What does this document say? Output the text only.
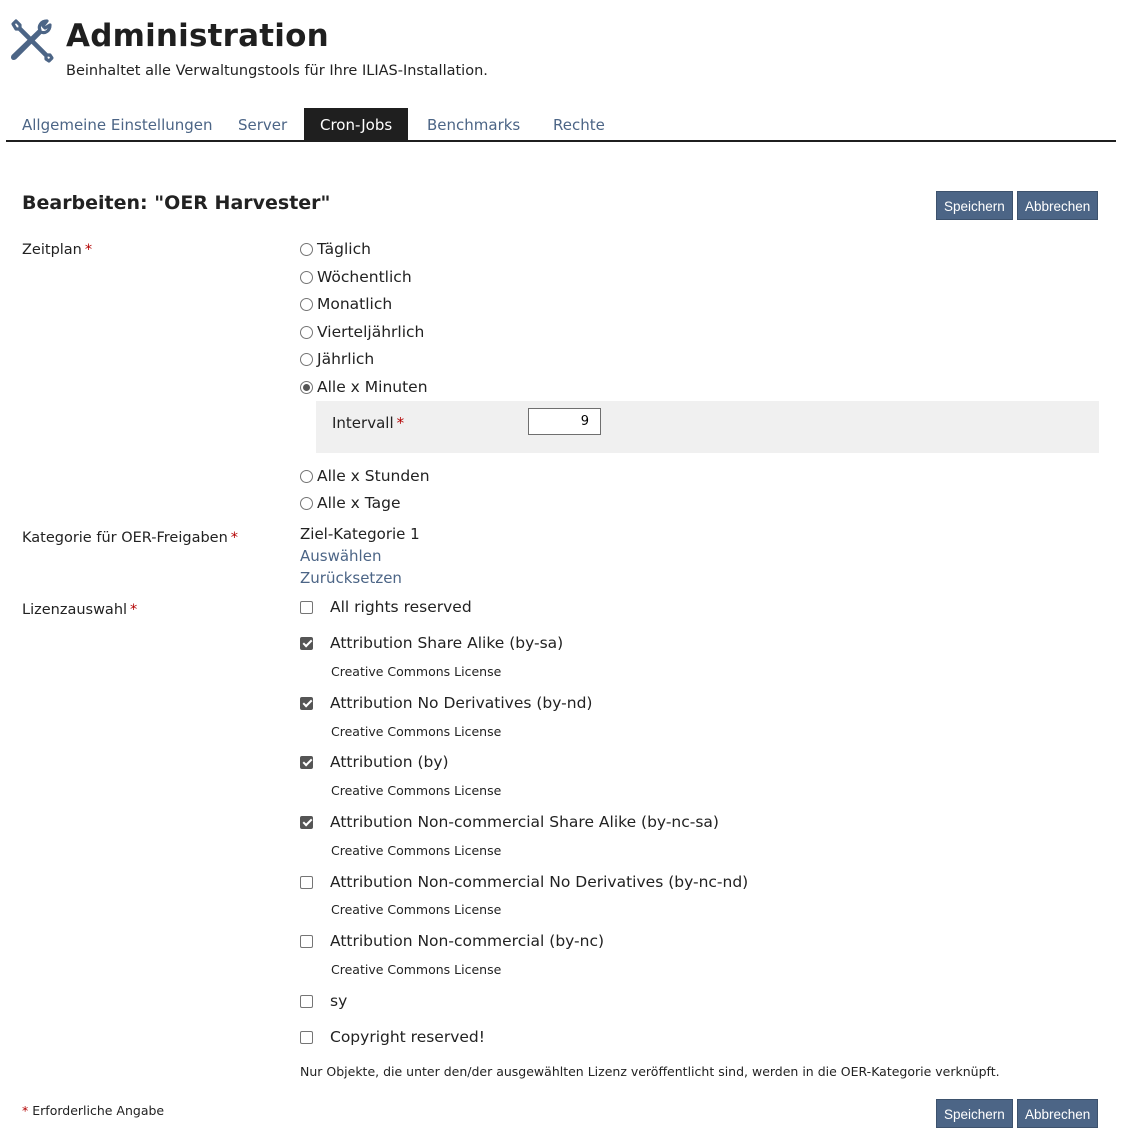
Administration
Beinhaltet alle Verwaltungstools für Ihre ILIAS-Installation.
Allgemeine Einstellungen	Server	Cron-Jobs	Benchmarks	Rechte
Bearbeiten: "OER Harvester"	Speichern	Abbrechen
Zeitplan *	Täglich
Wöchentlich
Monatlich
Vierteljährlich
Jährlich
Alle x Minuten
Intervall *
9
Alle x Stunden
Alle x Tage
Kategorie für OER-Freigaben *	Ziel-Kategorie 1
Auswählen
Zurücksetzen
Lizenzauswahl *	All rights reserved
Attribution Share Alike (by-sa)
Creative Commons License
Attribution No Derivatives (by-nd)
Creative Commons License
Attribution (by)
Creative Commons License
Attribution Non-commercial Share Alike (by-nc-sa)
Creative Commons License
Attribution Non-commercial No Derivatives (by-nc-nd)
Creative Commons License
Attribution Non-commercial (by-nc)
Creative Commons License
sy
Copyright reserved!
Nur Objekte, die unter den/der ausgewählten Lizenz veröffentlicht sind, werden in die OER-Kategorie verknüpft.
* Erforderliche Angabe	Speichern	Abbrechen
